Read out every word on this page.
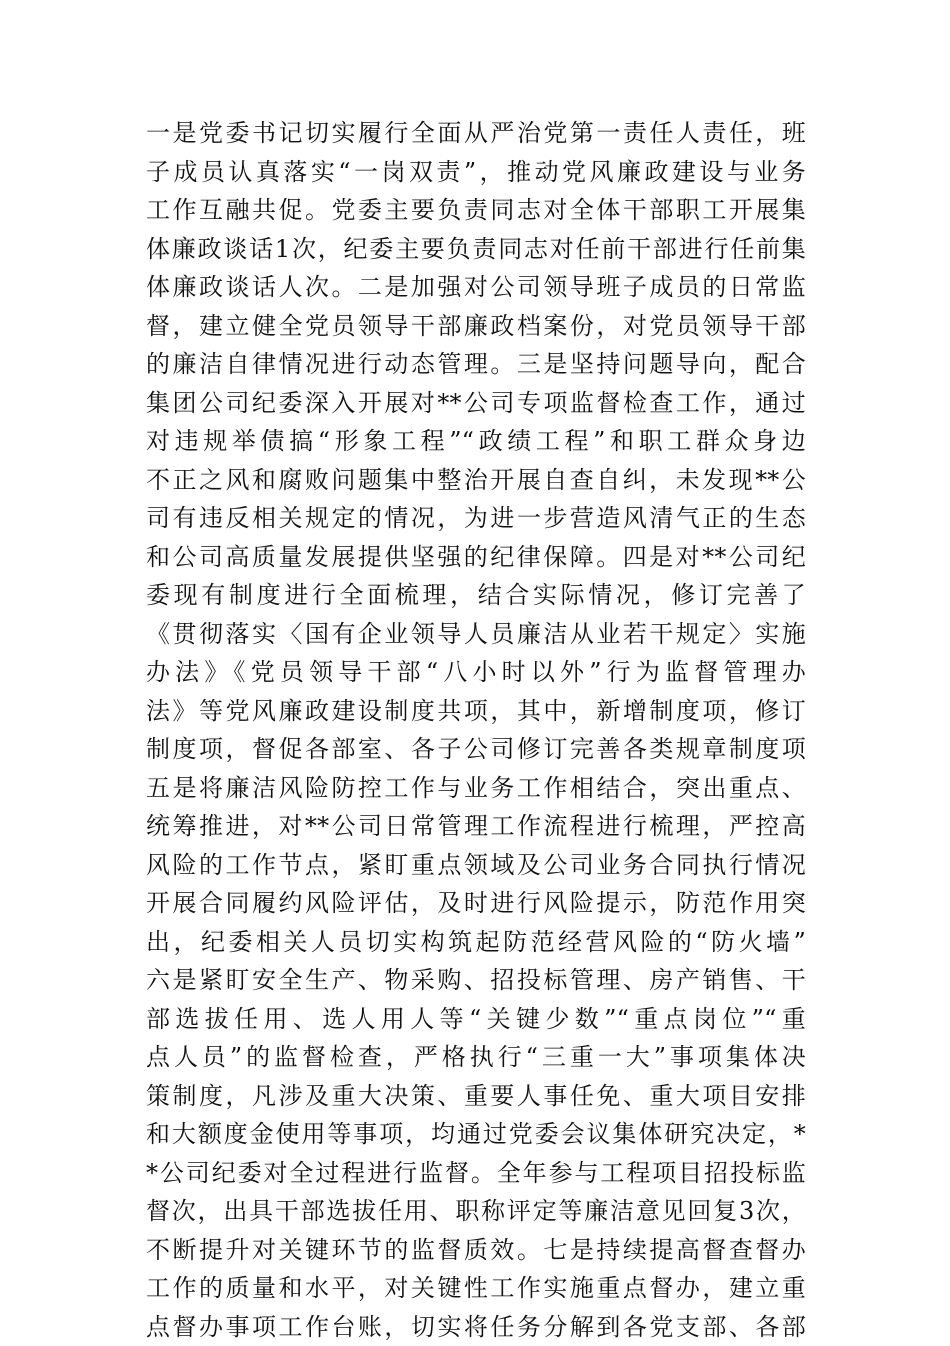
一是党委书记切实履行全面从严治党第一责任人责任，班
子成员认真落实“一岗双责”，推动党风廉政建设与业务
工作互融共促。党委主要负责同志对全体干部职工开展集
体廉政谈话1次，纪委主要负责同志对任前干部进行任前集
体廉政谈话人次。二是加强对公司领导班子成员的日常监
督，建立健全党员领导干部廉政档案份，对党员领导干部
的廉洁自律情况进行动态管理。三是坚持问题导向，配合
集团公司纪委深入开展对**公司专项监督检查工作，通过
对违规举债搞“形象工程”“政绩工程”和职工群众身边
不正之风和腐败问题集中整治开展自查自纠，未发现**公
司有违反相关规定的情况，为进一步营造风清气正的生态
和公司高质量发展提供坚强的纪律保障。四是对**公司纪
委现有制度进行全面梳理，结合实际情况，修订完善了
《贯彻落实〈国有企业领导人员廉洁从业若干规定〉实施
办法》《党员领导干部“八小时以外”行为监督管理办
法》等党风廉政建设制度共项，其中，新增制度项，修订
制度项，督促各部室、各子公司修订完善各类规章制度项
五是将廉洁风险防控工作与业务工作相结合，突出重点、
统筹推进，对**公司日常管理工作流程进行梳理，严控高
风险的工作节点，紧盯重点领域及公司业务合同执行情况
开展合同履约风险评估，及时进行风险提示，防范作用突
出，纪委相关人员切实构筑起防范经营风险的“防火墙”
六是紧盯安全生产、物采购、招投标管理、房产销售、干
部选拔任用、选人用人等“关键少数”“重点岗位”“重
点人员”的监督检查，严格执行“三重一大”事项集体决
策制度，凡涉及重大决策、重要人事任免、重大项目安排
和大额度金使用等事项，均通过党委会议集体研究决定，*
*公司纪委对全过程进行监督。全年参与工程项目招投标监
督次，出具干部选拔任用、职称评定等廉洁意见回复3次，
不断提升对关键环节的监督质效。七是持续提高督查督办
工作的质量和水平，对关键性工作实施重点督办，建立重
点督办事项工作台账，切实将任务分解到各党支部、各部
